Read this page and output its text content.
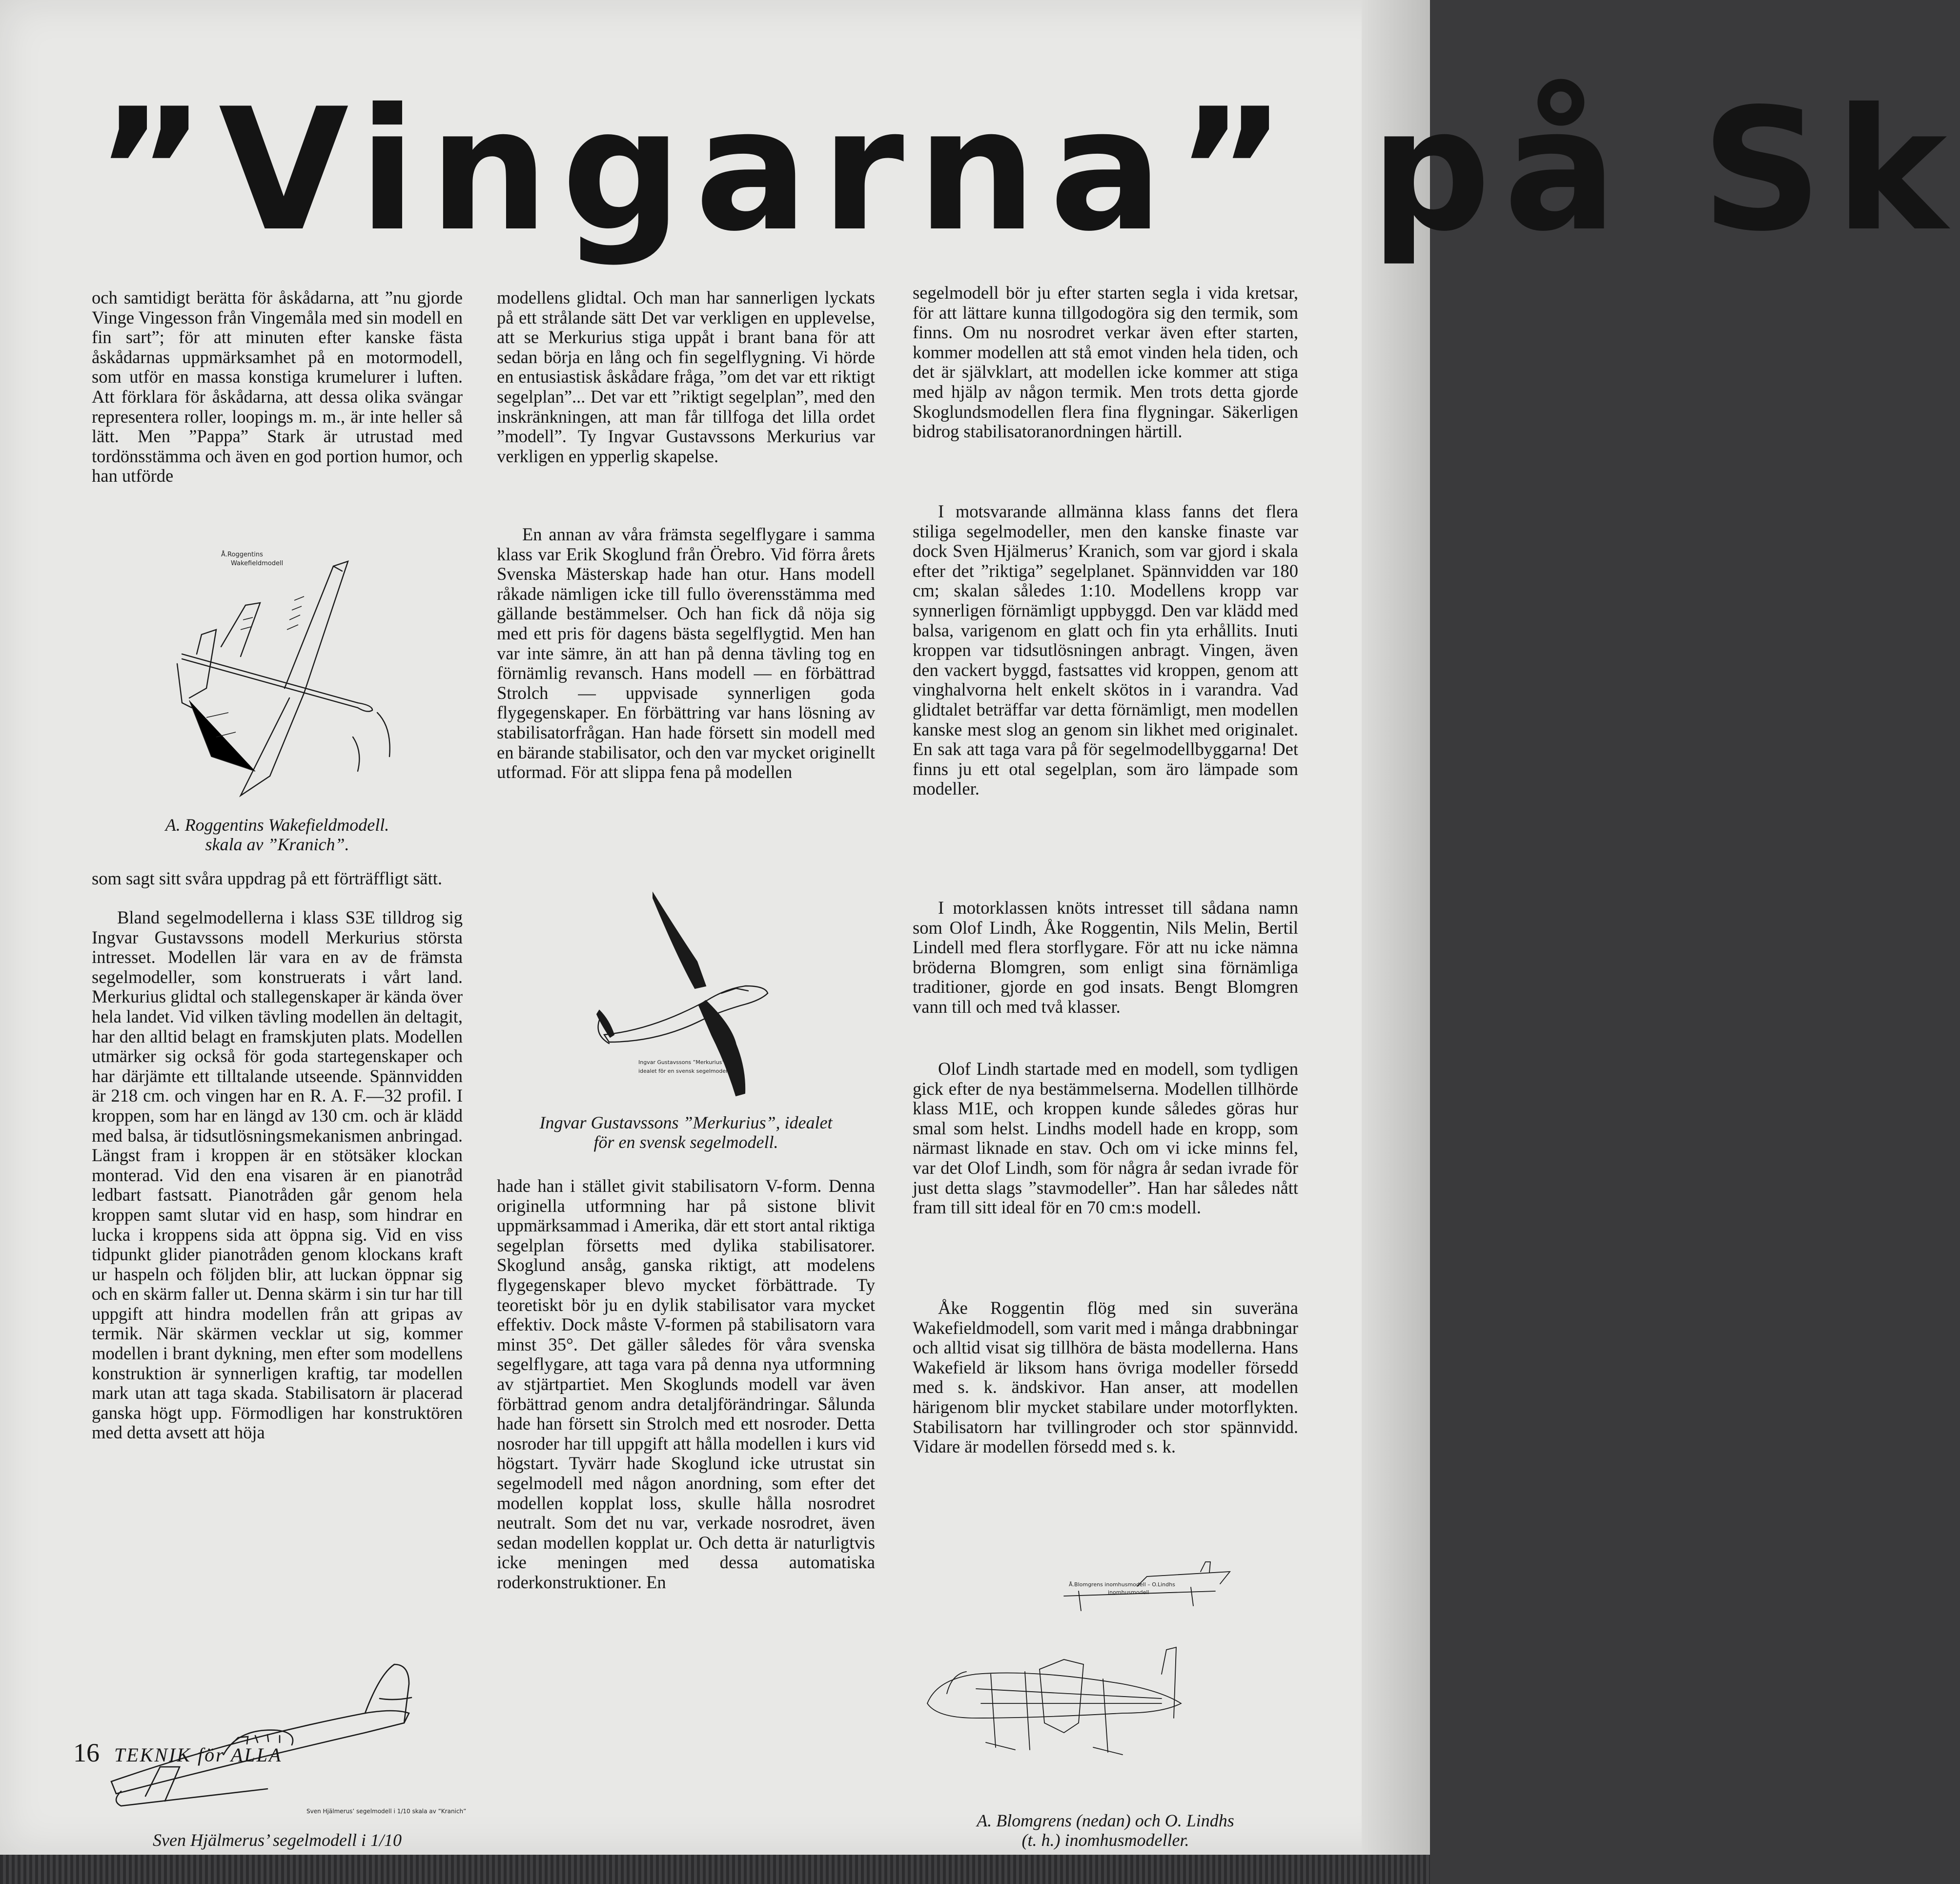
”Vingarna” på Sk

och samtidigt berätta för åskådarna, att ”nu gjorde Vinge Vingesson från Vingemåla med sin modell en fin sart”; för att minuten efter kanske fästa åskådarnas uppmärksamhet på en motormodell, som utför en massa konstiga krumelurer i luften. Att förklara för åskådarna, att dessa olika svängar representera roller, loopings m. m., är inte heller så lätt. Men ”Pappa” Stark är utrustad med tordönsstämma och även en god portion humor, och han utförde

Å.Roggentins
Wakefieldmodell
A. Roggentins Wakefieldmodell.
skala av ”Kranich”.

som sagt sitt svåra uppdrag på ett förträffligt sätt.

Bland segelmodellerna i klass S3E tilldrog sig Ingvar Gustavssons modell Merkurius största intresset. Modellen lär vara en av de främsta segelmodeller, som konstruerats i vårt land. Merkurius glidtal och stallegenskaper är kända över hela landet. Vid vilken tävling modellen än deltagit, har den alltid belagt en framskjuten plats. Modellen utmärker sig också för goda startegenskaper och har därjämte ett tilltalande utseende. Spännvidden är 218 cm. och vingen har en R. A. F.—32 profil. I kroppen, som har en längd av 130 cm. och är klädd med balsa, är tidsutlösningsmekanismen anbringad. Längst fram i kroppen är en stötsäker klockan monterad. Vid den ena visaren är en pianotråd ledbart fastsatt. Pianotråden går genom hela kroppen samt slutar vid en hasp, som hindrar en lucka i kroppens sida att öppna sig. Vid en viss tidpunkt glider pianotråden genom klockans kraft ur haspeln och följden blir, att luckan öppnar sig och en skärm faller ut. Denna skärm i sin tur har till uppgift att hindra modellen från att gripas av termik. När skärmen vecklar ut sig, kommer modellen i brant dykning, men efter som modellens konstruktion är synnerligen kraftig, tar modellen mark utan att taga skada. Stabilisatorn är placerad ganska högt upp. Förmodligen har konstruktören med detta avsett att höja

Sven Hjälmerus’ segelmodell i 1/10 skala av ”Kranich”
Sven Hjälmerus’ segelmodell i 1/10

modellens glidtal. Och man har sannerligen lyckats på ett strålande sätt Det var verkligen en upplevelse, att se Merkurius stiga uppåt i brant bana för att sedan börja en lång och fin segelflygning. Vi hörde en entusiastisk åskådare fråga, ”om det var ett riktigt segelplan”... Det var ett ”riktigt segelplan”, med den inskränkningen, att man får tillfoga det lilla ordet ”modell”. Ty Ingvar Gustavssons Merkurius var verkligen en ypperlig skapelse.

En annan av våra främsta segelflygare i samma klass var Erik Skoglund från Örebro. Vid förra årets Svenska Mästerskap hade han otur. Hans modell råkade nämligen icke till fullo överensstämma med gällande bestämmelser. Och han fick då nöja sig med ett pris för dagens bästa segelflygtid. Men han var inte sämre, än att han på denna tävling tog en förnämlig revansch. Hans modell — en förbättrad Strolch — uppvisade synnerligen goda flygegenskaper. En förbättring var hans lösning av stabilisatorfrågan. Han hade försett sin modell med en bärande stabilisator, och den var mycket originellt utformad. För att slippa fena på modellen

Ingvar Gustavssons ”Merkurius”
idealet för en svensk segelmodell
Ingvar Gustavssons ”Merkurius”, idealet
för en svensk segelmodell.

hade han i stället givit stabilisatorn V-form. Denna originella utformning har på sistone blivit uppmärksammad i Amerika, där ett stort antal riktiga segelplan försetts med dylika stabilisatorer. Skoglund ansåg, ganska riktigt, att modelens flygegenskaper blevo mycket förbättrade. Ty teoretiskt bör ju en dylik stabilisator vara mycket effektiv. Dock måste V-formen på stabilisatorn vara minst 35°. Det gäller således för våra svenska segelflygare, att taga vara på denna nya utformning av stjärtpartiet. Men Skoglunds modell var även förbättrad genom andra detaljförändringar. Sålunda hade han försett sin Strolch med ett nosroder. Detta nosroder har till uppgift att hålla modellen i kurs vid högstart. Tyvärr hade Skoglund icke utrustat sin segelmodell med någon anordning, som efter det modellen kopplat loss, skulle hålla nosrodret neutralt. Som det nu var, verkade nosrodret, även sedan modellen kopplat ur. Och detta är naturligtvis icke meningen med dessa automatiska roderkonstruktioner. En

segelmodell bör ju efter starten segla i vida kretsar, för att lättare kunna tillgodogöra sig den termik, som finns. Om nu nosrodret verkar även efter starten, kommer modellen att stå emot vinden hela tiden, och det är självklart, att modellen icke kommer att stiga med hjälp av någon termik. Men trots detta gjorde Skoglundsmodellen flera fina flygningar. Säkerligen bidrog stabilisatoranordningen härtill.

I motsvarande allmänna klass fanns det flera stiliga segelmodeller, men den kanske finaste var dock Sven Hjälmerus’ Kranich, som var gjord i skala efter det ”riktiga” segelplanet. Spännvidden var 180 cm; skalan således 1:10. Modellens kropp var synnerligen förnämligt uppbyggd. Den var klädd med balsa, varigenom en glatt och fin yta erhållits. Inuti kroppen var tidsutlösningen anbragt. Vingen, även den vackert byggd, fastsattes vid kroppen, genom att vinghalvorna helt enkelt skötos in i varandra. Vad glidtalet beträffar var detta förnämligt, men modellen kanske mest slog an genom sin likhet med originalet. En sak att taga vara på för segelmodellbyggarna! Det finns ju ett otal segelplan, som äro lämpade som modeller.

I motorklassen knöts intresset till sådana namn som Olof Lindh, Åke Roggentin, Nils Melin, Bertil Lindell med flera storflygare. För att nu icke nämna bröderna Blomgren, som enligt sina förnämliga traditioner, gjorde en god insats. Bengt Blomgren vann till och med två klasser.

Olof Lindh startade med en modell, som tydligen gick efter de nya bestämmelserna. Modellen tillhörde klass M1E, och kroppen kunde således göras hur smal som helst. Lindhs modell hade en kropp, som närmast liknade en stav. Och om vi icke minns fel, var det Olof Lindh, som för några år sedan ivrade för just detta slags ”stavmodeller”. Han har således nått fram till sitt ideal för en 70 cm:s modell.

Åke Roggentin flög med sin suveräna Wakefieldmodell, som varit med i många drabbningar och alltid visat sig tillhöra de bästa modellerna. Hans Wakefield är liksom hans övriga modeller försedd med s. k. ändskivor. Han anser, att modellen härigenom blir mycket stabilare under motorflykten. Stabilisatorn har tvillingroder och stor spännvidd. Vidare är modellen försedd med s. k.

Å.Blomgrens inomhusmodell – O.Lindhs
inomhusmodell
A. Blomgrens (nedan) och O. Lindhs
(t. h.) inomhusmodeller.
16 TEKNIK för ALLA
